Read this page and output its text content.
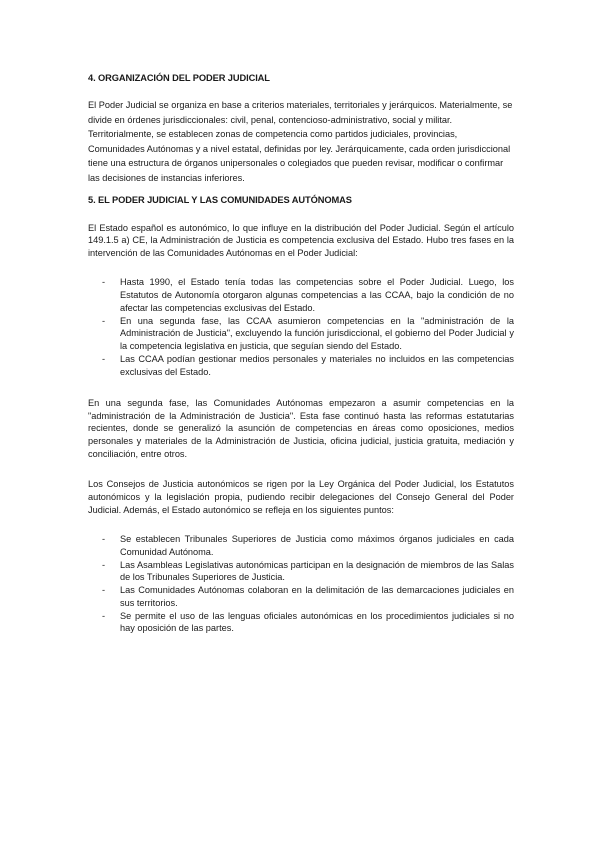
4. ORGANIZACIÓN DEL PODER JUDICIAL

El Poder Judicial se organiza en base a criterios materiales, territoriales y jerárquicos. Materialmente, se divide en órdenes jurisdiccionales: civil, penal, contencioso-administrativo, social y militar. Territorialmente, se establecen zonas de competencia como partidos judiciales, provincias, Comunidades Autónomas y a nivel estatal, definidas por ley. Jerárquicamente, cada orden jurisdiccional tiene una estructura de órganos unipersonales o colegiados que pueden revisar, modificar o confirmar las decisiones de instancias inferiores.

5. EL PODER JUDICIAL Y LAS COMUNIDADES AUTÓNOMAS

El Estado español es autonómico, lo que influye en la distribución del Poder Judicial. Según el artículo 149.1.5 a) CE, la Administración de Justicia es competencia exclusiva del Estado. Hubo tres fases en la intervención de las Comunidades Autónomas en el Poder Judicial:

- Hasta 1990, el Estado tenía todas las competencias sobre el Poder Judicial. Luego, los Estatutos de Autonomía otorgaron algunas competencias a las CCAA, bajo la condición de no afectar las competencias exclusivas del Estado.
- En una segunda fase, las CCAA asumieron competencias en la "administración de la Administración de Justicia", excluyendo la función jurisdiccional, el gobierno del Poder Judicial y la competencia legislativa en justicia, que seguían siendo del Estado.
- Las CCAA podían gestionar medios personales y materiales no incluidos en las competencias exclusivas del Estado.

En una segunda fase, las Comunidades Autónomas empezaron a asumir competencias en la "administración de la Administración de Justicia". Esta fase continuó hasta las reformas estatutarias recientes, donde se generalizó la asunción de competencias en áreas como oposiciones, medios personales y materiales de la Administración de Justicia, oficina judicial, justicia gratuita, mediación y conciliación, entre otros.

Los Consejos de Justicia autonómicos se rigen por la Ley Orgánica del Poder Judicial, los Estatutos autonómicos y la legislación propia, pudiendo recibir delegaciones del Consejo General del Poder Judicial. Además, el Estado autonómico se refleja en los siguientes puntos:

- Se establecen Tribunales Superiores de Justicia como máximos órganos judiciales en cada Comunidad Autónoma.
- Las Asambleas Legislativas autonómicas participan en la designación de miembros de las Salas de los Tribunales Superiores de Justicia.
- Las Comunidades Autónomas colaboran en la delimitación de las demarcaciones judiciales en sus territorios.
- Se permite el uso de las lenguas oficiales autonómicas en los procedimientos judiciales si no hay oposición de las partes.
